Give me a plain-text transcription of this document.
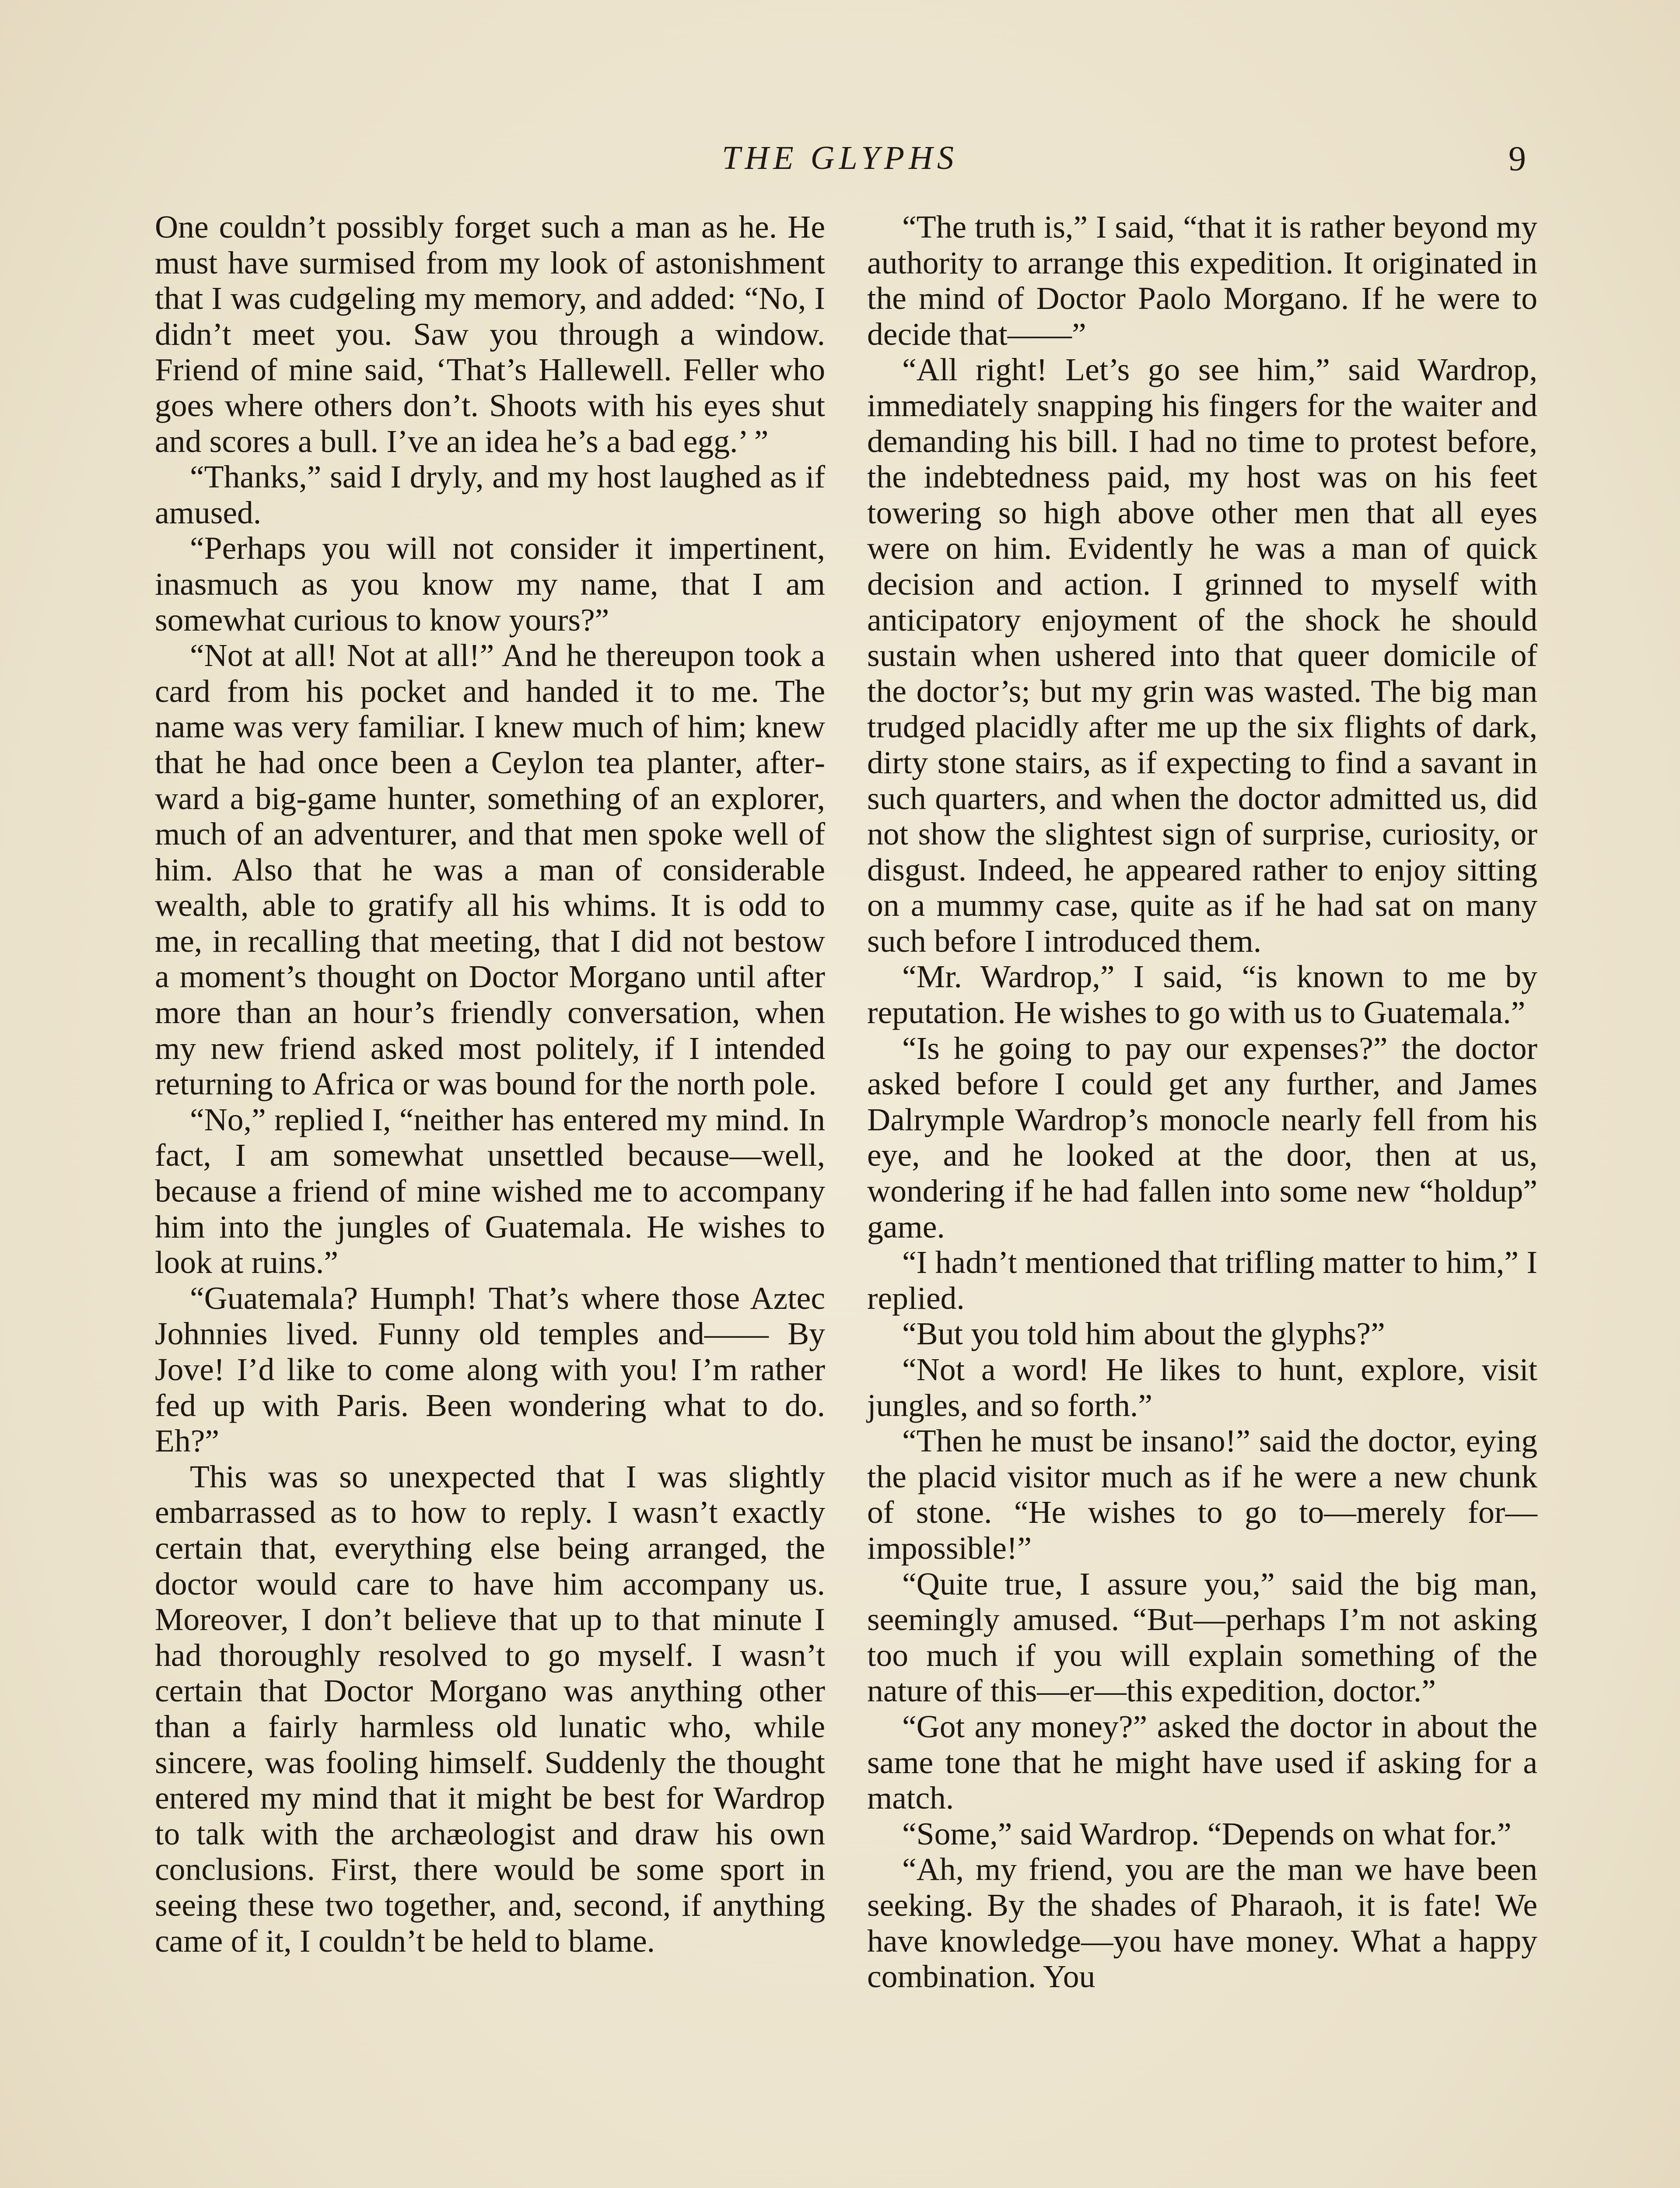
THE GLYPHS	9

One couldn’t possibly forget such a man as he. He must have surmised from my look of astonishment that I was cudgeling my memory, and added: “No, I didn’t meet you. Saw you through a window. Friend of mine said, ‘That’s Hallewell. Feller who goes where others don’t. Shoots with his eyes shut and scores a bull. I’ve an idea he’s a bad egg.’ ”

“Thanks,” said I dryly, and my host laughed as if amused.

“Perhaps you will not consider it impertinent, inasmuch as you know my name, that I am somewhat curious to know yours?”

“Not at all! Not at all!” And he thereupon took a card from his pocket and handed it to me. The name was very familiar. I knew much of him; knew that he had once been a Ceylon tea planter, afterward a big-game hunter, something of an explorer, much of an adventurer, and that men spoke well of him. Also that he was a man of considerable wealth, able to gratify all his whims. It is odd to me, in recalling that meeting, that I did not bestow a moment’s thought on Doctor Morgano until after more than an hour’s friendly conversation, when my new friend asked most politely, if I intended returning to Africa or was bound for the north pole.

“No,” replied I, “neither has entered my mind. In fact, I am somewhat unsettled because—well, because a friend of mine wished me to accompany him into the jungles of Guatemala. He wishes to look at ruins.”

“Guatemala? Humph! That’s where those Aztec Johnnies lived. Funny old temples and—— By Jove! I’d like to come along with you! I’m rather fed up with Paris. Been wondering what to do. Eh?”

This was so unexpected that I was slightly embarrassed as to how to reply. I wasn’t exactly certain that, everything else being arranged, the doctor would care to have him accompany us. Moreover, I don’t believe that up to that minute I had thoroughly resolved to go myself. I wasn’t certain that Doctor Morgano was anything other than a fairly harmless old lunatic who, while sincere, was fooling himself. Suddenly the thought entered my mind that it might be best for Wardrop to talk with the archæologist and draw his own conclusions. First, there would be some sport in seeing these two together, and, second, if anything came of it, I couldn’t be held to blame.

“The truth is,” I said, “that it is rather beyond my authority to arrange this expedition. It originated in the mind of Doctor Paolo Morgano. If he were to decide that——”

“All right! Let’s go see him,” said Wardrop, immediately snapping his fingers for the waiter and demanding his bill. I had no time to protest before, the indebtedness paid, my host was on his feet towering so high above other men that all eyes were on him. Evidently he was a man of quick decision and action. I grinned to myself with anticipatory enjoyment of the shock he should sustain when ushered into that queer domicile of the doctor’s; but my grin was wasted. The big man trudged placidly after me up the six flights of dark, dirty stone stairs, as if expecting to find a savant in such quarters, and when the doctor admitted us, did not show the slightest sign of surprise, curiosity, or disgust. Indeed, he appeared rather to enjoy sitting on a mummy case, quite as if he had sat on many such before I introduced them.

“Mr. Wardrop,” I said, “is known to me by reputation. He wishes to go with us to Guatemala.”

“Is he going to pay our expenses?” the doctor asked before I could get any further, and James Dalrymple Wardrop’s monocle nearly fell from his eye, and he looked at the door, then at us, wondering if he had fallen into some new “holdup” game.

“I hadn’t mentioned that trifling matter to him,” I replied.

“But you told him about the glyphs?”

“Not a word! He likes to hunt, explore, visit jungles, and so forth.”

“Then he must be insano!” said the doctor, eying the placid visitor much as if he were a new chunk of stone. “He wishes to go to—merely for—impossible!”

“Quite true, I assure you,” said the big man, seemingly amused. “But—perhaps I’m not asking too much if you will explain something of the nature of this—er—this expedition, doctor.”

“Got any money?” asked the doctor in about the same tone that he might have used if asking for a match.

“Some,” said Wardrop. “Depends on what for.”

“Ah, my friend, you are the man we have been seeking. By the shades of Pharaoh, it is fate! We have knowledge—you have money. What a happy combination. You
